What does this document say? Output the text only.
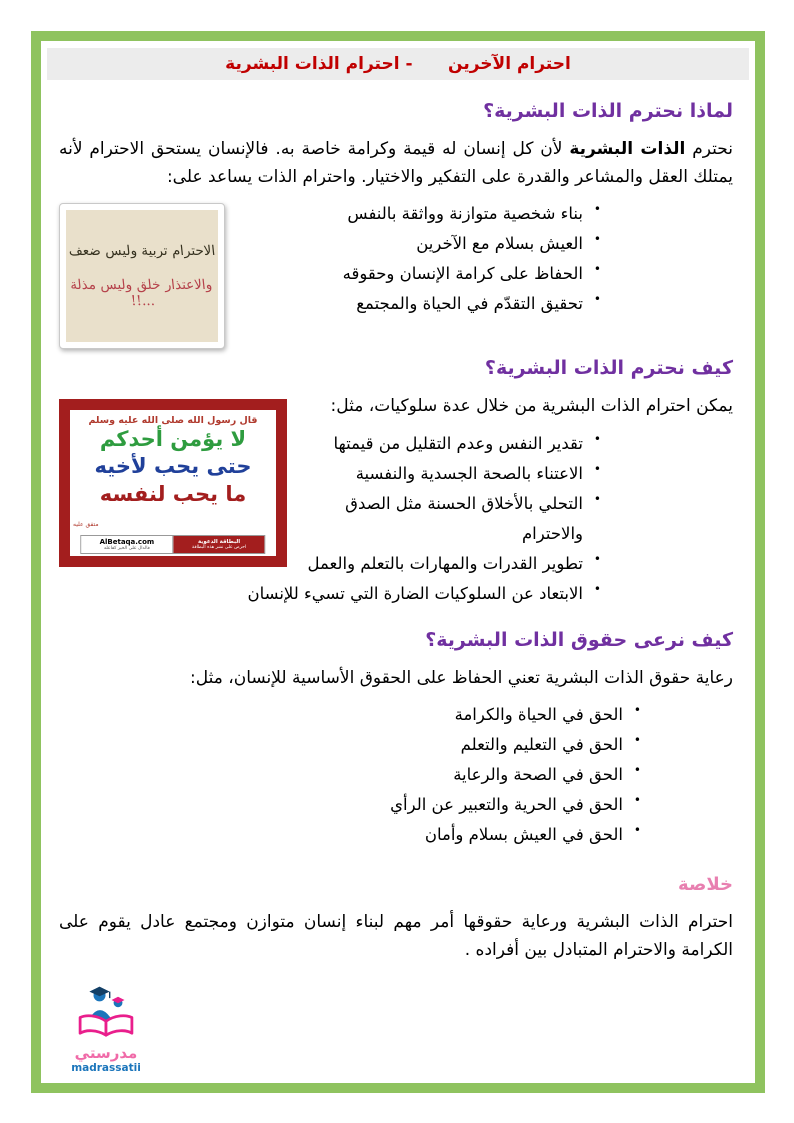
احترام الآخرين      - احترام الذات البشرية
لماذا نحترم الذات البشرية؟

نحترم الذات البشرية لأن كل إنسان له قيمة وكرامة خاصة به. فالإنسان يستحق الاحترام لأنه يمتلك العقل والمشاعر والقدرة على التفكير والاختيار. واحترام الذات يساعد على:

الاحترام تربية وليس ضعف
والاعتذار خلق وليس مذلة ...!!
• بناء شخصية متوازنة وواثقة بالنفس
• العيش بسلام مع الآخرين
• الحفاظ على كرامة الإنسان وحقوقه
• تحقيق التقدّم في الحياة والمجتمع
كيف نحترم الذات البشرية؟
قال رسول الله صلى الله عليه وسلم
لا يؤمن أحدكم
حتى يحب لأخيه
ما يحب لنفسه
متفق عليه
البطاقة الدعوية
احرص على نشر هذه البطاقة
AlBetaqa.com
فالدال على الخير كفاعله

يمكن احترام الذات البشرية من خلال عدة سلوكيات، مثل:

• تقدير النفس وعدم التقليل من قيمتها
• الاعتناء بالصحة الجسدية والنفسية
• التحلي بالأخلاق الحسنة مثل الصدق والاحترام
• تطوير القدرات والمهارات بالتعلم والعمل
• الابتعاد عن السلوكيات الضارة التي تسيء للإنسان
كيف نرعى حقوق الذات البشرية؟

رعاية حقوق الذات البشرية تعني الحفاظ على الحقوق الأساسية للإنسان، مثل:

• الحق في الحياة والكرامة
• الحق في التعليم والتعلم
• الحق في الصحة والرعاية
• الحق في الحرية والتعبير عن الرأي
• الحق في العيش بسلام وأمان
خلاصة

احترام الذات البشرية ورعاية حقوقها أمر مهم لبناء إنسان متوازن ومجتمع عادل يقوم على الكرامة والاحترام المتبادل بين أفراده .

مدرستي
madrassatii
